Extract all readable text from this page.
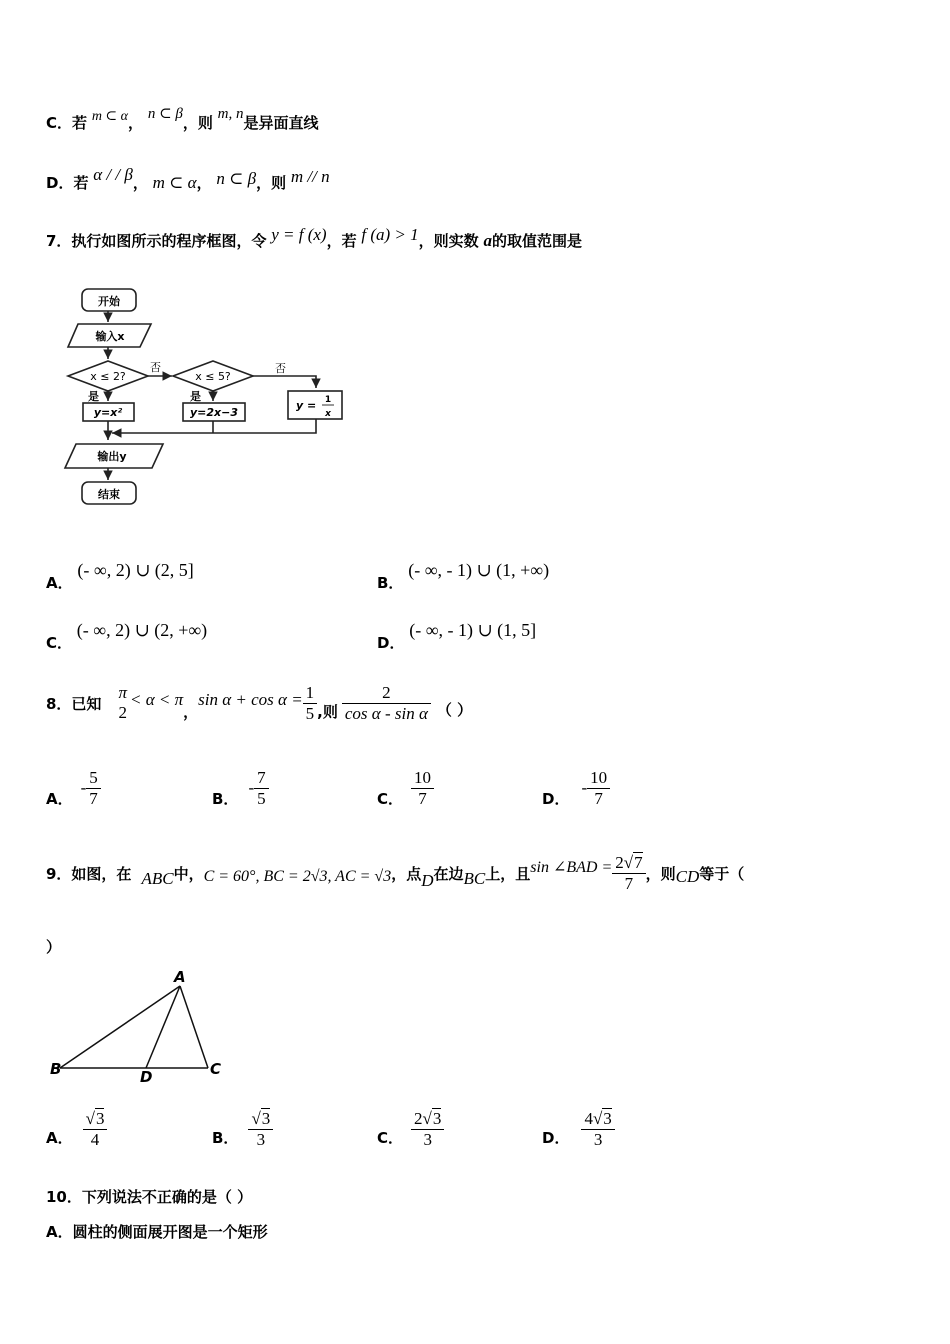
C．若 m ⊂ α， n ⊂ β，则 m, n是异面直线
D．若 α / / β， m ⊂ α， n ⊂ β，则 m // n
7．执行如图所示的程序框图，令 y = f (x)，若 f (a) > 1，则实数 a的取值范围是
开始
输入x
x ≤ 2?	x ≤ 5?
否	否
是	是
y=x²	y=2x−3
y = 1
x
输出y
结束
A． (- ∞, 2) ∪ (2, 5]
B． (- ∞, - 1) ∪ (1, +∞)
C． (- ∞, 2) ∪ (2, +∞)
D． (- ∞, - 1) ∪ (1, 5]
8．已知
π
2
< α < π
，
$\sin \alpha + \cos \alpha = \frac{1}{5}$ ,则 $\frac{2}{\text{cos α - sin α}}$ （ ）
A．
- $\frac{5}{7}$	B．
- $\frac{7}{5}$	C． $\frac{10}{7}$	D．
- $\frac{10}{7}$
9．如图，在 ABC 中， C = 60°, BC = 2√3, AC = √3 ，点 D 在边 BC 上，且 sin ∠BAD = $\frac{2√7}{7}$ ，则 CD 等于（
）
A
B	C
D
A． $\frac{√3}{4}$	B． $\frac{√3}{3}$	C． $\frac{2√3}{3}$	D． $\frac{4√3}{3}$
10．下列说法不正确的是（ ）
A．圆柱的侧面展开图是一个矩形
